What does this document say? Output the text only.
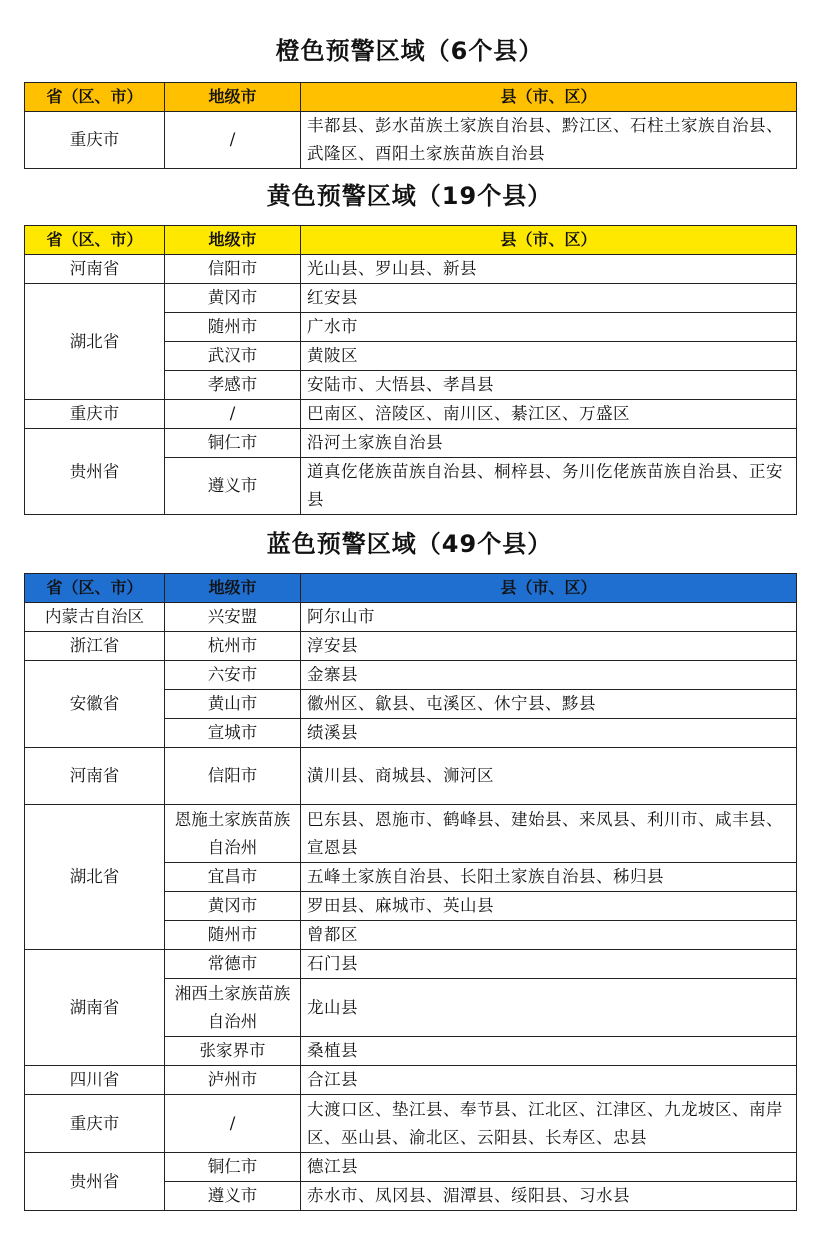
橙色预警区域（6个县）
省（区、市）	地级市	县（市、区）
重庆市	/	丰都县、彭水苗族土家族自治县、黔江区、石柱土家族自治县、武隆区、酉阳土家族苗族自治县
黄色预警区域（19个县）
省（区、市）	地级市	县（市、区）
河南省	信阳市	光山县、罗山县、新县
湖北省	黄冈市	红安县
	随州市	广水市
	武汉市	黄陂区
	孝感市	安陆市、大悟县、孝昌县
重庆市	/	巴南区、涪陵区、南川区、綦江区、万盛区
贵州省	铜仁市	沿河土家族自治县
	遵义市	道真仡佬族苗族自治县、桐梓县、务川仡佬族苗族自治县、正安县
蓝色预警区域（49个县）
省（区、市）	地级市	县（市、区）
内蒙古自治区	兴安盟	阿尔山市
浙江省	杭州市	淳安县
安徽省	六安市	金寨县
	黄山市	徽州区、歙县、屯溪区、休宁县、黟县
	宣城市	绩溪县
河南省	信阳市	潢川县、商城县、浉河区
湖北省	恩施土家族苗族自治州	巴东县、恩施市、鹤峰县、建始县、来凤县、利川市、咸丰县、宣恩县
	宜昌市	五峰土家族自治县、长阳土家族自治县、秭归县
	黄冈市	罗田县、麻城市、英山县
	随州市	曾都区
湖南省	常德市	石门县
	湘西土家族苗族自治州	龙山县
	张家界市	桑植县
四川省	泸州市	合江县
重庆市	/	大渡口区、垫江县、奉节县、江北区、江津区、九龙坡区、南岸区、巫山县、渝北区、云阳县、长寿区、忠县
贵州省	铜仁市	德江县
	遵义市	赤水市、凤冈县、湄潭县、绥阳县、习水县
